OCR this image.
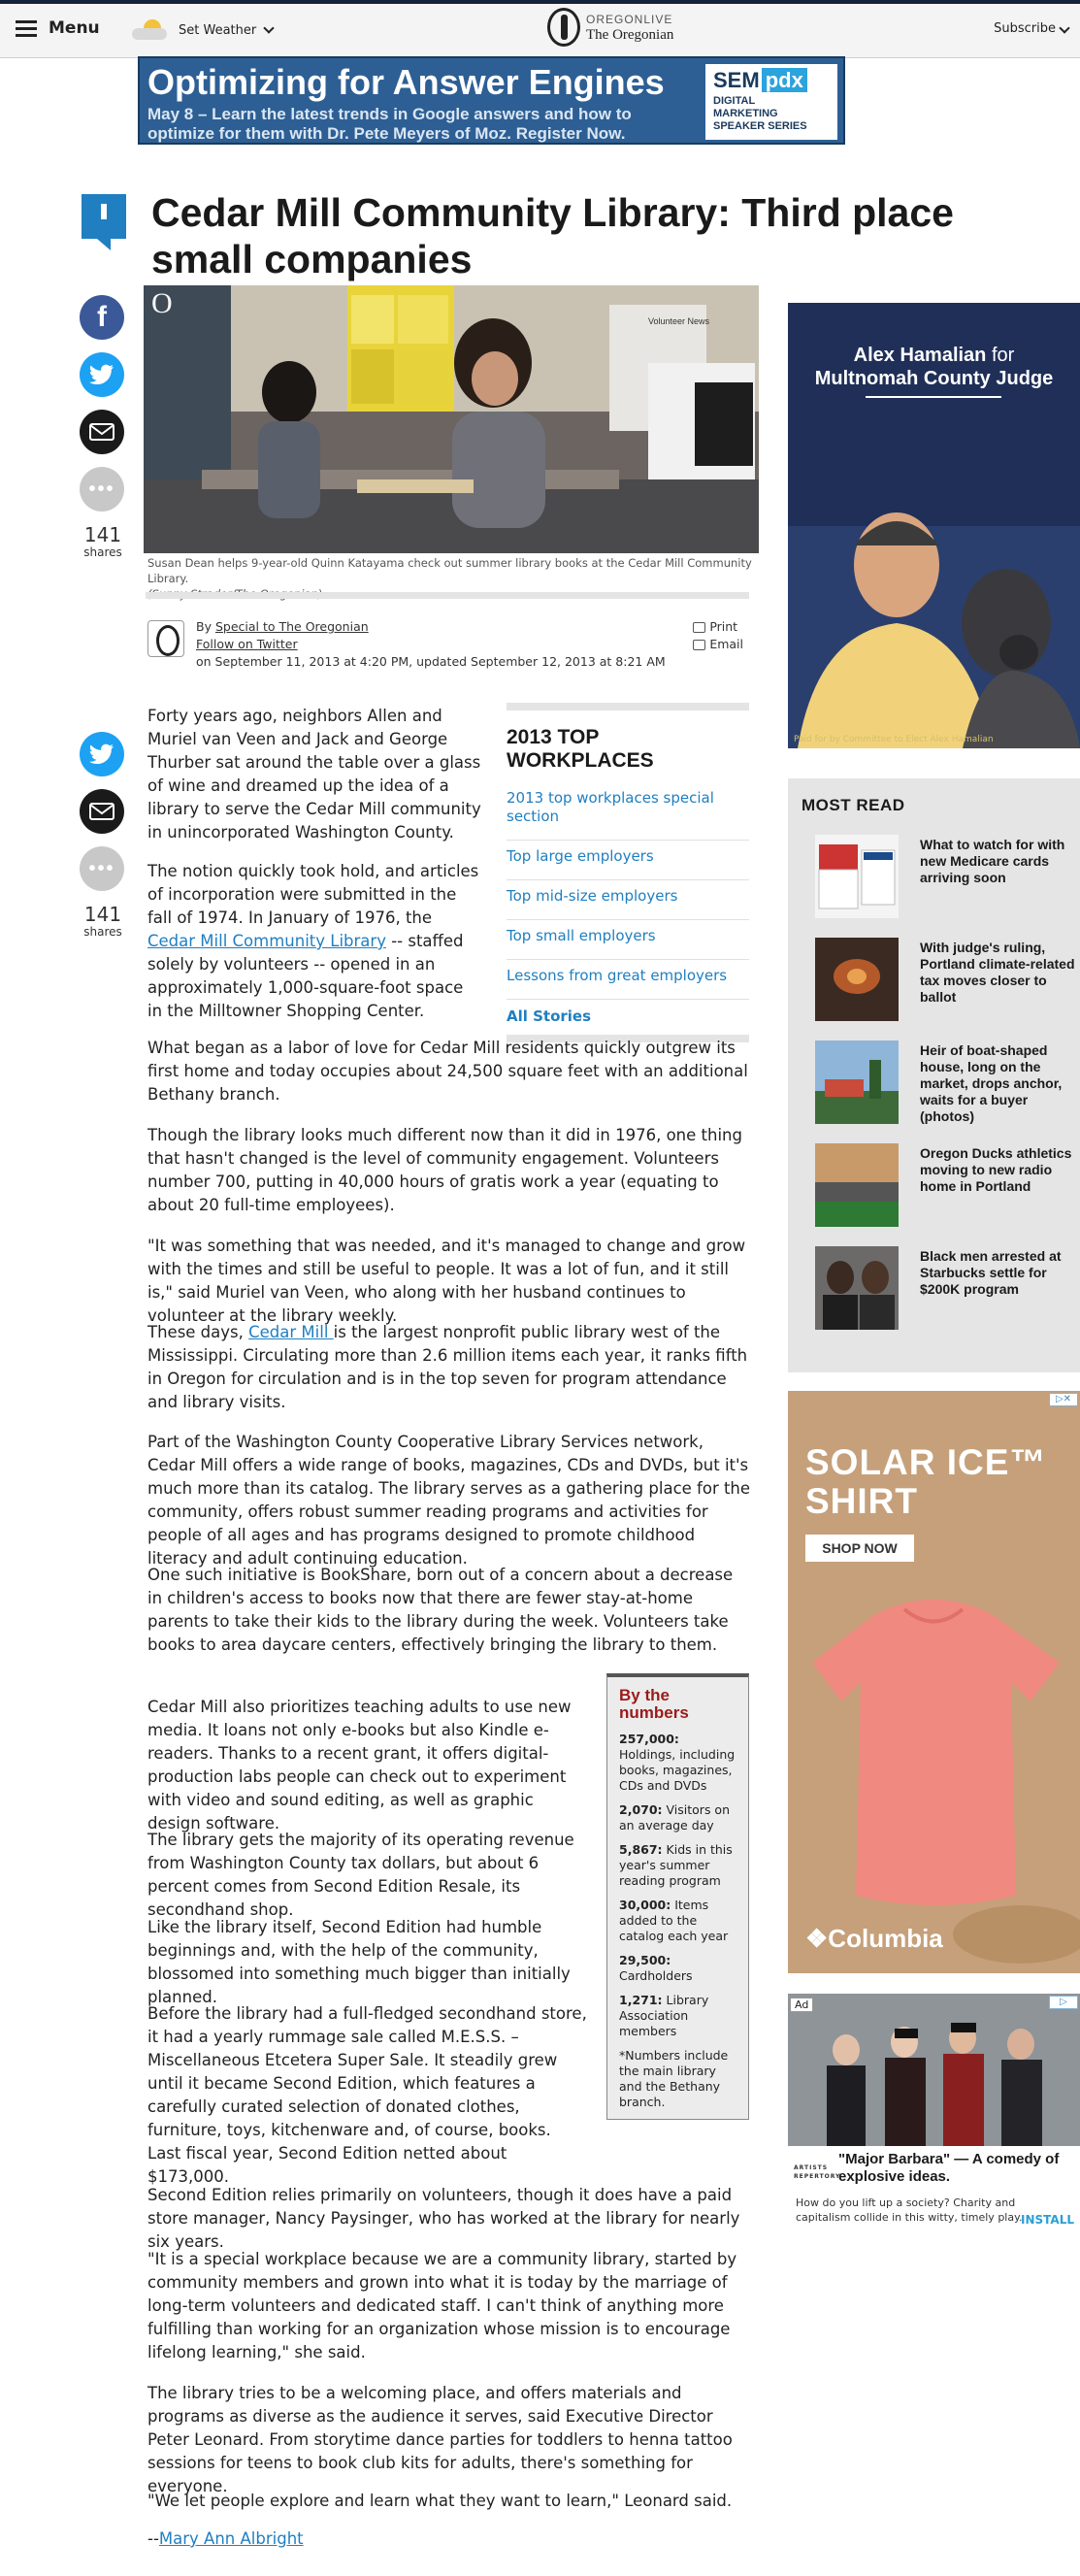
Menu	Set Weather
OREGONLIVE
The Oregonian	Subscribe
Optimizing for Answer Engines
May 8 – Learn the latest trends in Google answers and how to optimize for them with Dr. Pete Meyers of Moz. Register Now.
SEM pdx
DIGITAL
MARKETING
SPEAKER SERIES
Cedar Mill Community Library: Third place small companies
f
•••
141
shares
O
Volunteer News
Susan Dean helps 9-year-old Quinn Katayama check out summer library books at the Cedar Mill Community Library.
By Special to The Oregonian
Follow on Twitter
on September 11, 2013 at 4:20 PM, updated September 12, 2013 at 8:21 AM
Print
Email
•••
141
shares

Forty years ago, neighbors Allen and Muriel van Veen and Jack and George Thurber sat around the table over a glass of wine and dreamed up the idea of a library to serve the Cedar Mill community in unincorporated Washington County.

The notion quickly took hold, and articles of incorporation were submitted in the fall of 1974. In January of 1976, the Cedar Mill Community Library -- staffed solely by volunteers -- opened in an approximately 1,000-square-foot space in the Milltowner Shopping Center.

2013 TOP WORKPLACES
2013 top workplaces special section
Top large employers
Top mid-size employers
Top small employers
Lessons from great employers
All Stories

What began as a labor of love for Cedar Mill residents quickly outgrew its first home and today occupies about 24,500 square feet with an additional Bethany branch.

Though the library looks much different now than it did in 1976, one thing that hasn't changed is the level of community engagement. Volunteers number 700, putting in 40,000 hours of gratis work a year (equating to about 20 full-time employees).

"It was something that was needed, and it's managed to change and grow with the times and still be useful to people. It was a lot of fun, and it still is," said Muriel van Veen, who along with her husband continues to volunteer at the library weekly.

These days, Cedar Mill is the largest nonprofit public library west of the Mississippi. Circulating more than 2.6 million items each year, it ranks fifth in Oregon for circulation and is in the top seven for program attendance and library visits.

Part of the Washington County Cooperative Library Services network, Cedar Mill offers a wide range of books, magazines, CDs and DVDs, but it's much more than its catalog. The library serves as a gathering place for the community, offers robust summer reading programs and activities for people of all ages and has programs designed to promote childhood literacy and adult continuing education.

One such initiative is BookShare, born out of a concern about a decrease in children's access to books now that there are fewer stay-at-home parents to take their kids to the library during the week. Volunteers take books to area daycare centers, effectively bringing the library to them.

By the numbers
257,000: Holdings, including books, magazines, CDs and DVDs
2,070: Visitors on an average day
5,867: Kids in this year's summer reading program
30,000: Items added to the catalog each year
29,500: Cardholders
1,271: Library Association members
*Numbers include the main library and the Bethany branch.

Cedar Mill also prioritizes teaching adults to use new media. It loans not only e-books but also Kindle e-readers. Thanks to a recent grant, it offers digital-production labs people can check out to experiment with video and sound editing, as well as graphic design software.

The library gets the majority of its operating revenue from Washington County tax dollars, but about 6 percent comes from Second Edition Resale, its secondhand shop.

Like the library itself, Second Edition had humble beginnings and, with the help of the community, blossomed into something much bigger than initially planned.

Before the library had a full-fledged secondhand store, it had a yearly rummage sale called M.E.S.S. – Miscellaneous Etcetera Super Sale. It steadily grew until it became Second Edition, which features a carefully curated selection of donated clothes, furniture, toys, kitchenware and, of course, books. Last fiscal year, Second Edition netted about $173,000.

Second Edition relies primarily on volunteers, though it does have a paid store manager, Nancy Paysinger, who has worked at the library for nearly six years.

"It is a special workplace because we are a community library, started by community members and grown into what it is today by the marriage of long-term volunteers and dedicated staff. I can't think of anything more fulfilling than working for an organization whose mission is to encourage lifelong learning," she said.

The library tries to be a welcoming place, and offers materials and programs as diverse as the audience it serves, said Executive Director Peter Leonard. From storytime dance parties for toddlers to henna tattoo sessions for teens to book club kits for adults, there's something for everyone.

"We let people explore and learn what they want to learn," Leonard said.

--Mary Ann Albright

Alex Hamalian for
Multnomah County Judge
Paid for by Committee to Elect Alex Hamalian
MOST READ
What to watch for with new Medicare cards arriving soon
With judge's ruling, Portland climate-related tax moves closer to ballot
Heir of boat-shaped house, long on the market, drops anchor, waits for a buyer (photos)
Oregon Ducks athletics moving to new radio home in Portland
Black men arrested at Starbucks settle for $200K program
▷✕
SOLAR ICE™
SHIRT
SHOP NOW
❖Columbia
Ad	▷
ARTISTS REPERTORY
"Major Barbara" — A comedy of explosive ideas.
How do you lift up a society? Charity and capitalism collide in this witty, timely play.
INSTALL
